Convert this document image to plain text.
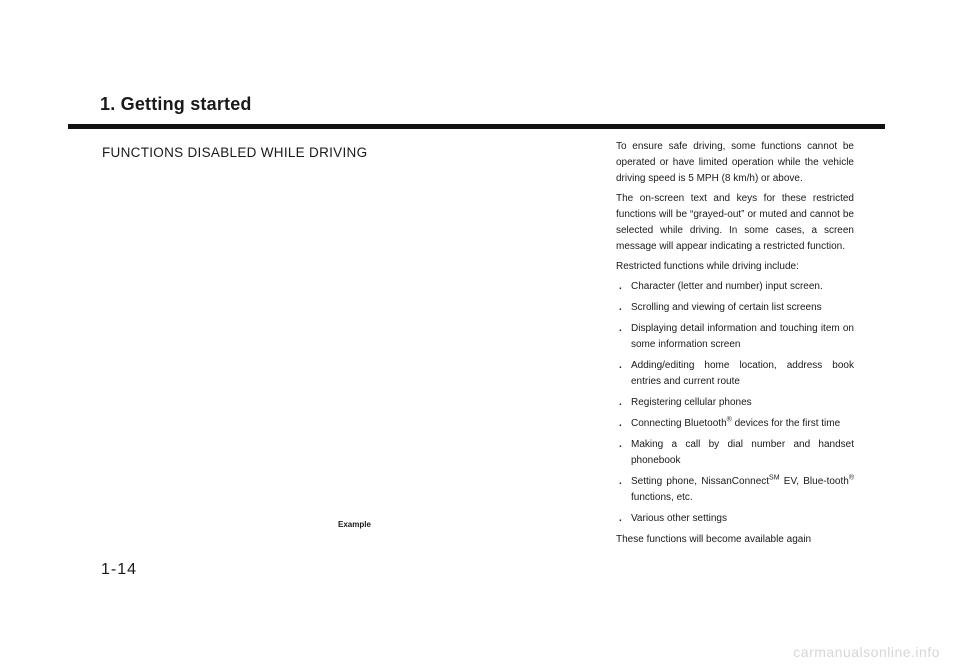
1. Getting started
FUNCTIONS DISABLED WHILE DRIVING
Example
1-14

To ensure safe driving, some functions cannot be operated or have limited operation while the vehicle driving speed is 5 MPH (8 km/h) or above.

The on-screen text and keys for these restricted functions will be “grayed-out” or muted and cannot be selected while driving. In some cases, a screen message will appear indicating a restricted function.

Restricted functions while driving include:

. Character (letter and number) input screen.
. Scrolling and viewing of certain list screens
. Displaying detail information and touching item on some information screen
. Adding/editing home location, address book entries and current route
. Registering cellular phones
. Connecting Bluetooth® devices for the first time
. Making a call by dial number and handset phonebook
. Setting phone, NissanConnect℠ EV, Blue-tooth® functions, etc.
. Various other settings

These functions will become available again

carmanualsonline.info
